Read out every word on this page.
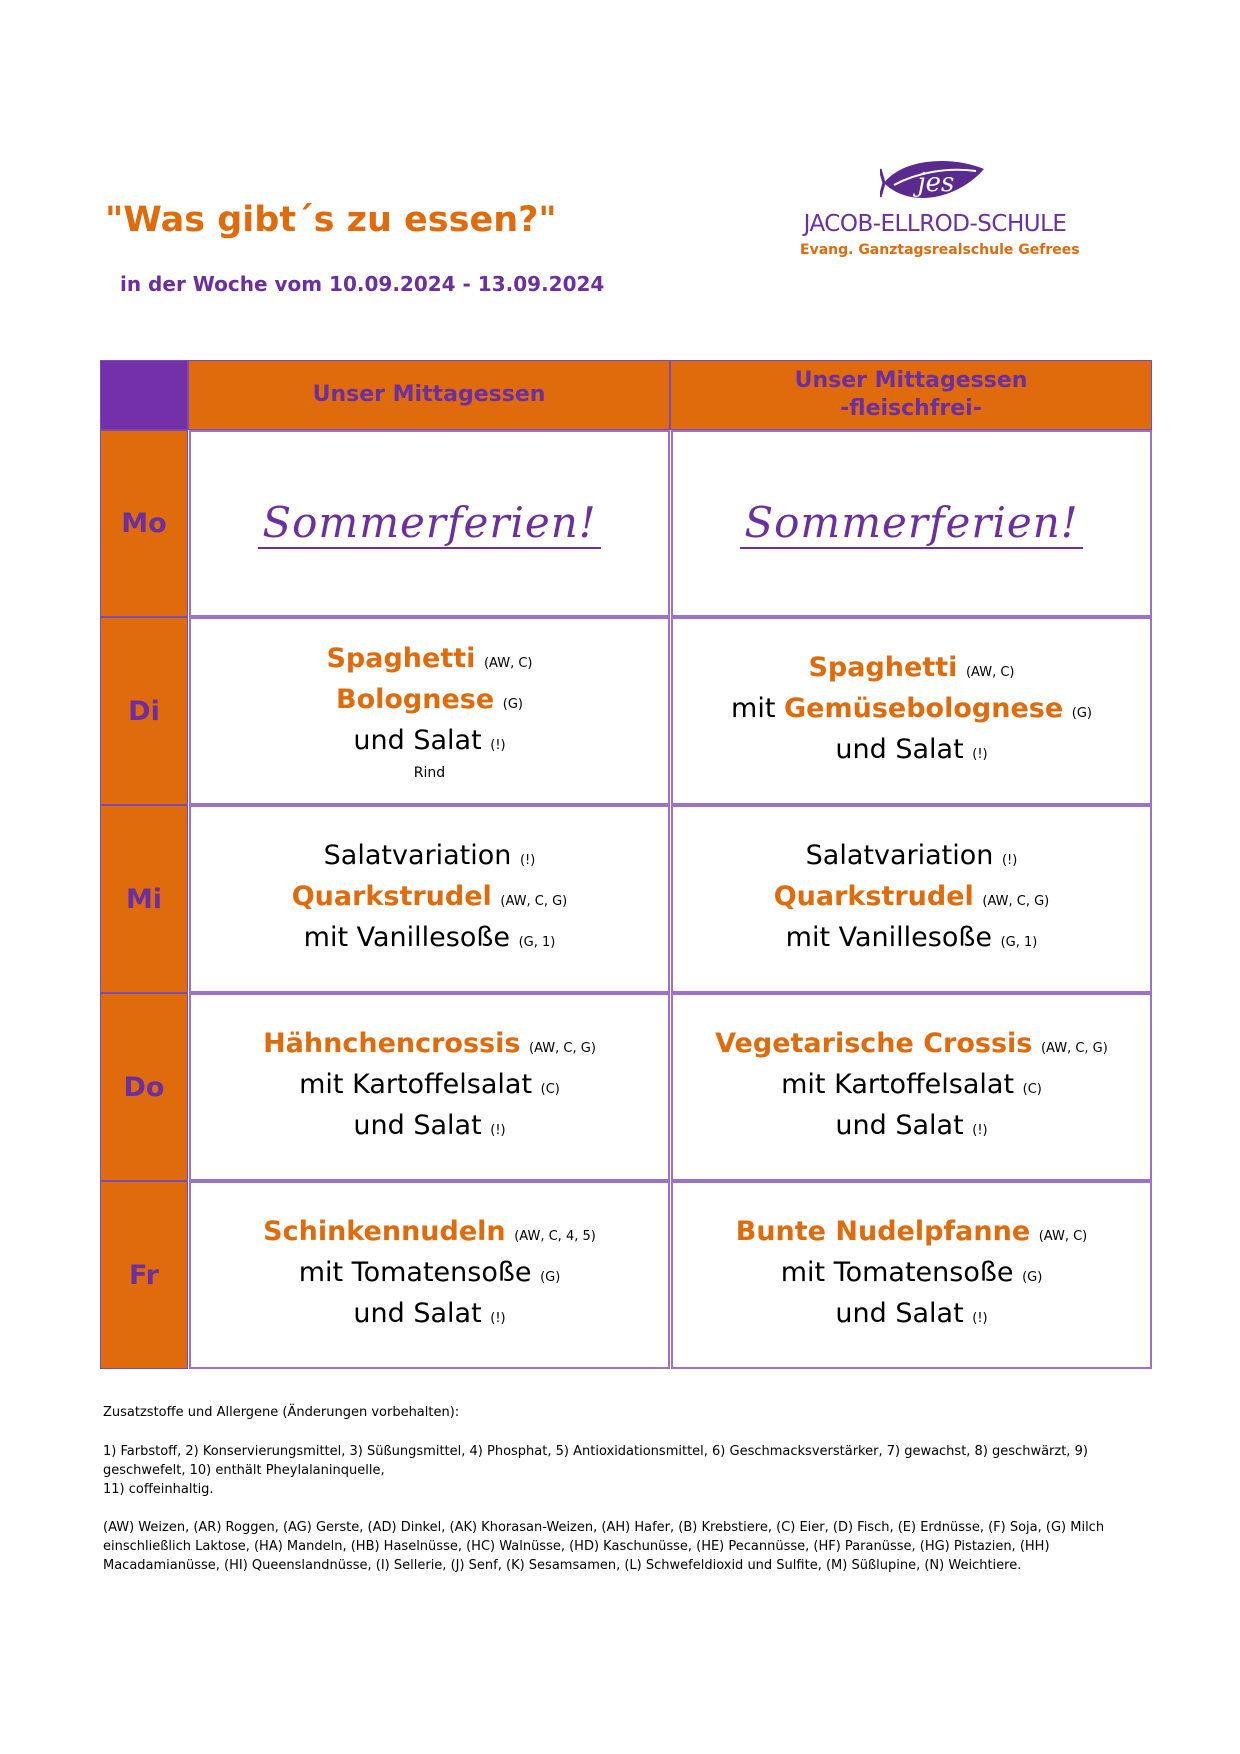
"Was gibt´s zu essen?"
in der Woche vom 10.09.2024 - 13.09.2024
jes
JACOB-ELLROD-SCHULE
Evang. Ganztagsrealschule Gefrees
Unser Mittagessen
Unser Mittagessen
-fleischfrei-
Mo	Sommerferien!	Sommerferien!
Di
Spaghetti (AW, C)
Bolognese (G)
und Salat (!)
Rind
Spaghetti (AW, C)
mit Gemüsebolognese (G)
und Salat (!)
Mi
Salatvariation (!)
Quarkstrudel (AW, C, G)
mit Vanillesoße (G, 1)
Salatvariation (!)
Quarkstrudel (AW, C, G)
mit Vanillesoße (G, 1)
Do
Hähnchencrossis (AW, C, G)
mit Kartoffelsalat (C)
und Salat (!)
Vegetarische Crossis (AW, C, G)
mit Kartoffelsalat (C)
und Salat (!)
Fr
Schinkennudeln (AW, C, 4, 5)
mit Tomatensoße (G)
und Salat (!)
Bunte Nudelpfanne (AW, C)
mit Tomatensoße (G)
und Salat (!)
Zusatzstoffe und Allergene (Änderungen vorbehalten):
1) Farbstoff, 2) Konservierungsmittel, 3) Süßungsmittel, 4) Phosphat, 5) Antioxidationsmittel, 6) Geschmacksverstärker, 7) gewachst, 8) geschwärzt, 9) geschwefelt, 10) enthält Pheylalaninquelle,
11) coffeinhaltig.
(AW) Weizen, (AR) Roggen, (AG) Gerste, (AD) Dinkel, (AK) Khorasan-Weizen, (AH) Hafer, (B) Krebstiere, (C) Eier, (D) Fisch, (E) Erdnüsse, (F) Soja, (G) Milch einschließlich Laktose, (HA) Mandeln, (HB) Haselnüsse, (HC) Walnüsse, (HD) Kaschunüsse, (HE) Pecannüsse, (HF) Paranüsse, (HG) Pistazien, (HH) Macadamianüsse, (HI) Queenslandnüsse, (I) Sellerie, (J) Senf, (K) Sesamsamen, (L) Schwefeldioxid und Sulfite, (M) Süßlupine, (N) Weichtiere.
